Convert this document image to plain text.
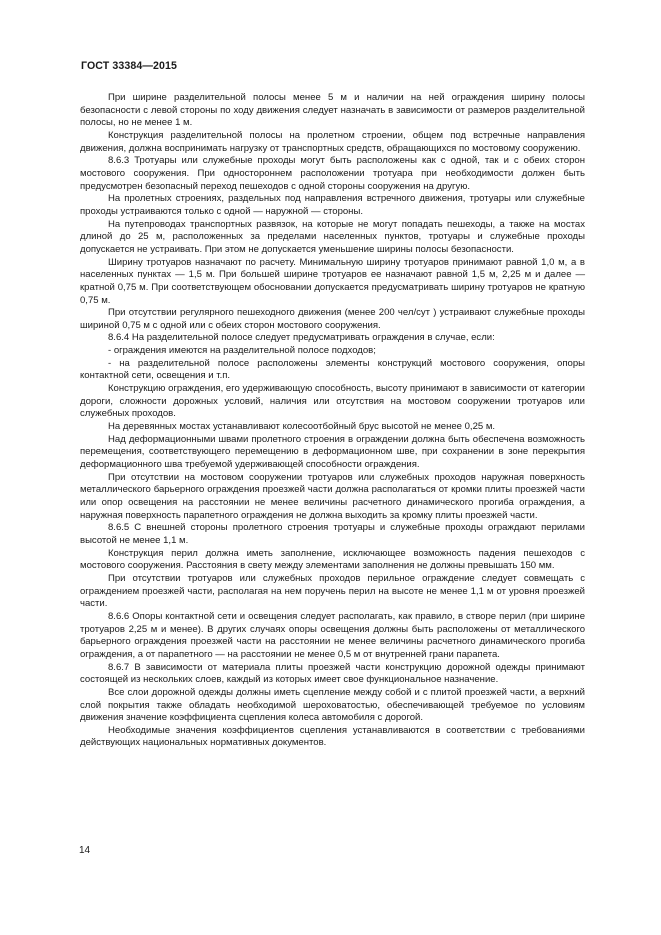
ГОСТ 33384—2015

При ширине разделительной полосы менее 5 м и наличии на ней ограждения ширину полосы безопасности с левой стороны по ходу движения следует назначать в зависимости от размеров разделительной полосы, но не менее 1 м.

Конструкция разделительной полосы на пролетном строении, общем под встречные направления движения, должна воспринимать нагрузку от транспортных средств, обращающихся по мостовому сооружению.

8.6.3 Тротуары или служебные проходы могут быть расположены как с одной, так и с обеих сторон мостового сооружения. При одностороннем расположении тротуара при необходимости должен быть предусмотрен безопасный переход пешеходов с одной стороны сооружения на другую.

На пролетных строениях, раздельных под направления встречного движения, тротуары или служебные проходы устраиваются только с одной — наружной — стороны.

На путепроводах транспортных развязок, на которые не могут попадать пешеходы, а также на мостах длиной до 25 м, расположенных за пределами населенных пунктов, тротуары и служебные проходы допускается не устраивать. При этом не допускается уменьшение ширины полосы безопасности.

Ширину тротуаров назначают по расчету. Минимальную ширину тротуаров принимают равной 1,0 м, а в населенных пунктах — 1,5 м. При большей ширине тротуаров ее назначают равной 1,5 м, 2,25 м и далее — кратной 0,75 м. При соответствующем обосновании допускается предусматривать ширину тротуаров не кратную 0,75 м.

При отсутствии регулярного пешеходного движения (менее 200 чел/сут ) устраивают служебные проходы шириной 0,75 м с одной или с обеих сторон мостового сооружения.

8.6.4 На разделительной полосе следует предусматривать ограждения в случае, если:

- ограждения имеются на разделительной полосе подходов;

- на разделительной полосе расположены элементы конструкций мостового сооружения, опоры контактной сети, освещения и т.п.

Конструкцию ограждения, его удерживающую способность, высоту принимают в зависимости от категории дороги, сложности дорожных условий, наличия или отсутствия на мостовом сооружении тротуаров или служебных проходов.

На деревянных мостах устанавливают колесоотбойный брус высотой не менее 0,25 м.

Над деформационными швами пролетного строения в ограждении должна быть обеспечена возможность перемещения, соответствующего перемещению в деформационном шве, при сохранении в зоне перекрытия деформационного шва требуемой удерживающей способности ограждения.

При отсутствии на мостовом сооружении тротуаров или служебных проходов наружная поверхность металлического барьерного ограждения проезжей части должна располагаться от кромки плиты проезжей части или опор освещения на расстоянии не менее величины расчетного динамического прогиба ограждения, а наружная поверхность парапетного ограждения не должна выходить за кромку плиты проезжей части.

8.6.5 С внешней стороны пролетного строения тротуары и служебные проходы ограждают перилами высотой не менее 1,1 м.

Конструкция перил должна иметь заполнение, исключающее возможность падения пешеходов с мостового сооружения. Расстояния в свету между элементами заполнения не должны превышать 150 мм.

При отсутствии тротуаров или служебных проходов перильное ограждение следует совмещать с ограждением проезжей части, располагая на нем поручень перил на высоте не менее 1,1 м от уровня проезжей части.

8.6.6 Опоры контактной сети и освещения следует располагать, как правило, в створе перил (при ширине тротуаров 2,25 м и менее). В других случаях опоры освещения должны быть расположены от металлического барьерного ограждения проезжей части на расстоянии не менее величины расчетного динамического прогиба ограждения, а от парапетного — на расстоянии не менее 0,5 м от внутренней грани парапета.

8.6.7 В зависимости от материала плиты проезжей части конструкцию дорожной одежды принимают состоящей из нескольких слоев, каждый из которых имеет свое функциональное назначение.

Все слои дорожной одежды должны иметь сцепление между собой и с плитой проезжей части, а верхний слой покрытия также обладать необходимой шероховатостью, обеспечивающей требуемое по условиям движения значение коэффициента сцепления колеса автомобиля с дорогой.

Необходимые значения коэффициентов сцепления устанавливаются в соответствии с требованиями действующих национальных нормативных документов.

14
